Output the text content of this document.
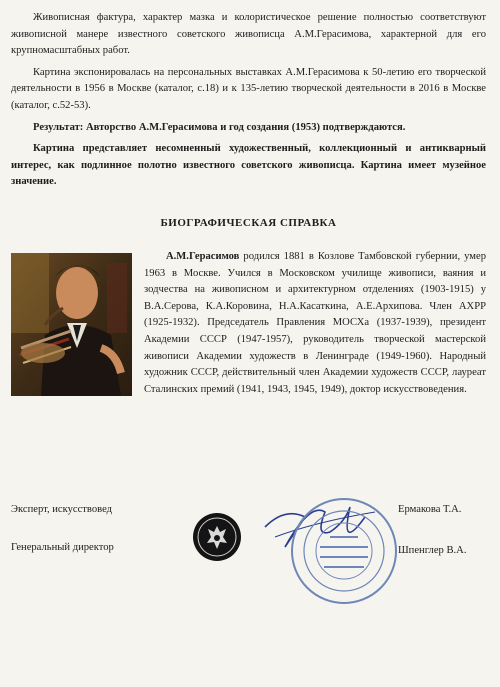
Живописная фактура, характер мазка и колористическое решение полностью соответствуют живописной манере известного советского живописца А.М.Герасимова, характерной для его крупномасштабных работ.

Картина экспонировалась на персональных выставках А.М.Герасимова к 50-летию его творческой деятельности в 1956 в Москве (каталог, с.18) и к 135-летию творческой деятельности в 2016 в Москве (каталог, с.52-53).

Результат: Авторство А.М.Герасимова и год создания (1953) подтверждаются.

Картина представляет несомненный художественный, коллекционный и антикварный интерес, как подлинное полотно известного советского живописца. Картина имеет музейное значение.

БИОГРАФИЧЕСКАЯ СПРАВКА

А.М.Герасимов родился 1881 в Козлове Тамбовской губернии, умер 1963 в Москве. Учился в Московском училище живописи, ваяния и зодчества на живописном и архитектурном отделениях (1903-1915) у В.А.Серова, К.А.Коровина, Н.А.Касаткина, А.Е.Архипова. Член АХРР (1925-1932). Председатель Правления МОСХа (1937-1939), президент Академии СССР (1947-1957), руководитель творческой мастерской живописи Академии художеств в Ленинграде (1949-1960). Народный художник СССР, действительный член Академии художеств СССР, лауреат Сталинских премий (1941, 1943, 1945, 1949), доктор искусствоведения.

Эксперт, искусствовед
Генеральный директор
Ермакова Т.А.
Шпенглер В.А.
